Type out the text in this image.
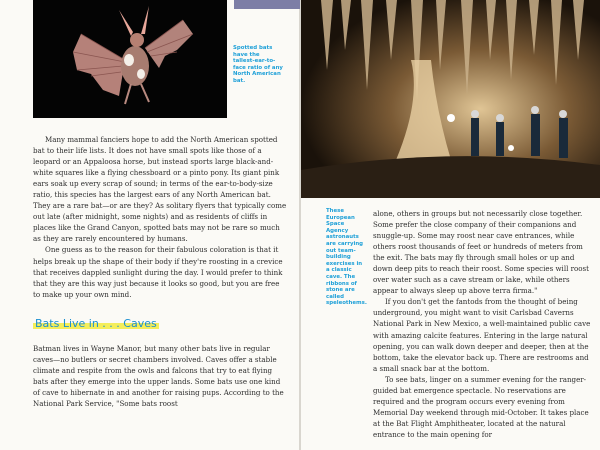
Spotted bats have the tallest-ear-to-face ratio of any North American bat.

Many mammal fanciers hope to add the North American spotted bat to their life lists. It does not have small spots like those of a leopard or an Appaloosa horse, but instead sports large black-and-white squares like a flying chessboard or a pinto pony. Its giant pink ears soak up every scrap of sound; in terms of the ear-to-body-size ratio, this species has the largest ears of any North American bat. They are a rare bat—or are they? As solitary flyers that typically come out late (after midnight, some nights) and as residents of cliffs in places like the Grand Canyon, spotted bats may not be rare so much as they are rarely encountered by humans.

One guess as to the reason for their fabulous coloration is that it helps break up the shape of their body if they're roosting in a crevice that receives dappled sunlight during the day. I would prefer to think that they are this way just because it looks so good, but you are free to make up your own mind.

Bats Live in . . . Caves

Batman lives in Wayne Manor, but many other bats live in regular caves—no butlers or secret chambers involved. Caves offer a stable climate and respite from the owls and falcons that try to eat flying bats after they emerge into the upper lands. Some bats use one kind of cave to hibernate in and another for raising pups. According to the National Park Service, "Some bats roost

These European Space Agency astronauts are carrying out team-building exercises in a classic cave. The ribbons of stone are called speleothems.

alone, others in groups but not necessarily close together. Some prefer the close company of their companions and snuggle-up. Some may roost near cave entrances, while others roost thousands of feet or hundreds of meters from the exit. The bats may fly through small holes or up and down deep pits to reach their roost. Some species will roost over water such as a cave stream or lake, while others appear to always sleep up above terra firma."

If you don't get the fantods from the thought of being underground, you might want to visit Carlsbad Caverns National Park in New Mexico, a well-maintained public cave with amazing calcite features. Entering in the large natural opening, you can walk down deeper and deeper, then at the bottom, take the elevator back up. There are restrooms and a small snack bar at the bottom.

To see bats, linger on a summer evening for the ranger-guided bat emergence spectacle. No reservations are required and the program occurs every evening from Memorial Day weekend through mid-October. It takes place at the Bat Flight Amphitheater, located at the natural entrance to the main opening for
